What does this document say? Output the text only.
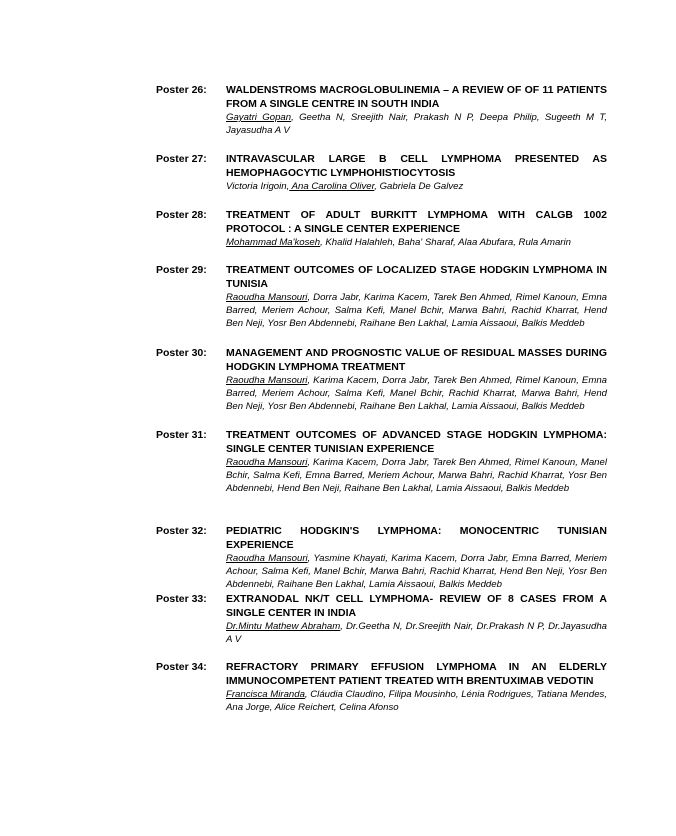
Poster 26: WALDENSTROMS MACROGLOBULINEMIA – A REVIEW OF OF 11 PATIENTS FROM A SINGLE CENTRE IN SOUTH INDIA

Gayatri Gopan, Geetha N, Sreejith Nair, Prakash N P, Deepa Philip, Sugeeth M T, Jayasudha A V

Poster 27: INTRAVASCULAR LARGE B CELL LYMPHOMA PRESENTED AS HEMOPHAGOCYTIC LYMPHOHISTIOCYTOSIS

Victoria Irigoin, Ana Carolina Oliver, Gabriela De Galvez

Poster 28: TREATMENT OF ADULT BURKITT LYMPHOMA WITH CALGB 1002 PROTOCOL : A SINGLE CENTER EXPERIENCE

Mohammad Ma'koseh, Khalid Halahleh, Baha' Sharaf, Alaa Abufara, Rula Amarin

Poster 29: TREATMENT OUTCOMES OF LOCALIZED STAGE HODGKIN LYMPHOMA IN TUNISIA

Raoudha Mansouri, Dorra Jabr, Karima Kacem, Tarek Ben Ahmed, Rimel Kanoun, Emna Barred, Meriem Achour, Salma Kefi, Manel Bchir, Marwa Bahri, Rachid Kharrat, Hend Ben Neji, Yosr Ben Abdennebi, Raihane Ben Lakhal, Lamia Aissaoui, Balkis Meddeb

Poster 30: MANAGEMENT AND PROGNOSTIC VALUE OF RESIDUAL MASSES DURING HODGKIN LYMPHOMA TREATMENT

Raoudha Mansouri, Karima Kacem, Dorra Jabr, Tarek Ben Ahmed, Rimel Kanoun, Emna Barred, Meriem Achour, Salma Kefi, Manel Bchir, Rachid Kharrat, Marwa Bahri, Hend Ben Neji, Yosr Ben Abdennebi, Raihane Ben Lakhal, Lamia Aissaoui, Balkis Meddeb

Poster 31: TREATMENT OUTCOMES OF ADVANCED STAGE HODGKIN LYMPHOMA: SINGLE CENTER TUNISIAN EXPERIENCE

Raoudha Mansouri, Karima Kacem, Dorra Jabr, Tarek Ben Ahmed, Rimel Kanoun, Manel Bchir, Salma Kefi, Emna Barred, Meriem Achour, Marwa Bahri, Rachid Kharrat, Yosr Ben Abdennebi, Hend Ben Neji, Raihane Ben Lakhal, Lamia Aissaoui, Balkis Meddeb

Poster 32: PEDIATRIC HODGKIN'S LYMPHOMA: MONOCENTRIC TUNISIAN EXPERIENCE

Raoudha Mansouri, Yasmine Khayati, Karima Kacem, Dorra Jabr, Emna Barred, Meriem Achour, Salma Kefi, Manel Bchir, Marwa Bahri, Rachid Kharrat, Hend Ben Neji, Yosr Ben Abdennebi, Raihane Ben Lakhal, Lamia Aissaoui, Balkis Meddeb

Poster 33: EXTRANODAL NK/T CELL LYMPHOMA- REVIEW OF 8 CASES FROM A SINGLE CENTER IN INDIA

Dr.Mintu Mathew Abraham, Dr.Geetha N, Dr.Sreejith Nair, Dr.Prakash N P, Dr.Jayasudha A V

Poster 34: REFRACTORY PRIMARY EFFUSION LYMPHOMA IN AN ELDERLY IMMUNOCOMPETENT PATIENT TREATED WITH BRENTUXIMAB VEDOTIN

Francisca Miranda, Cláudia Claudino, Filipa Mousinho, Lénia Rodrigues, Tatiana Mendes, Ana Jorge, Alice Reichert, Celina Afonso
